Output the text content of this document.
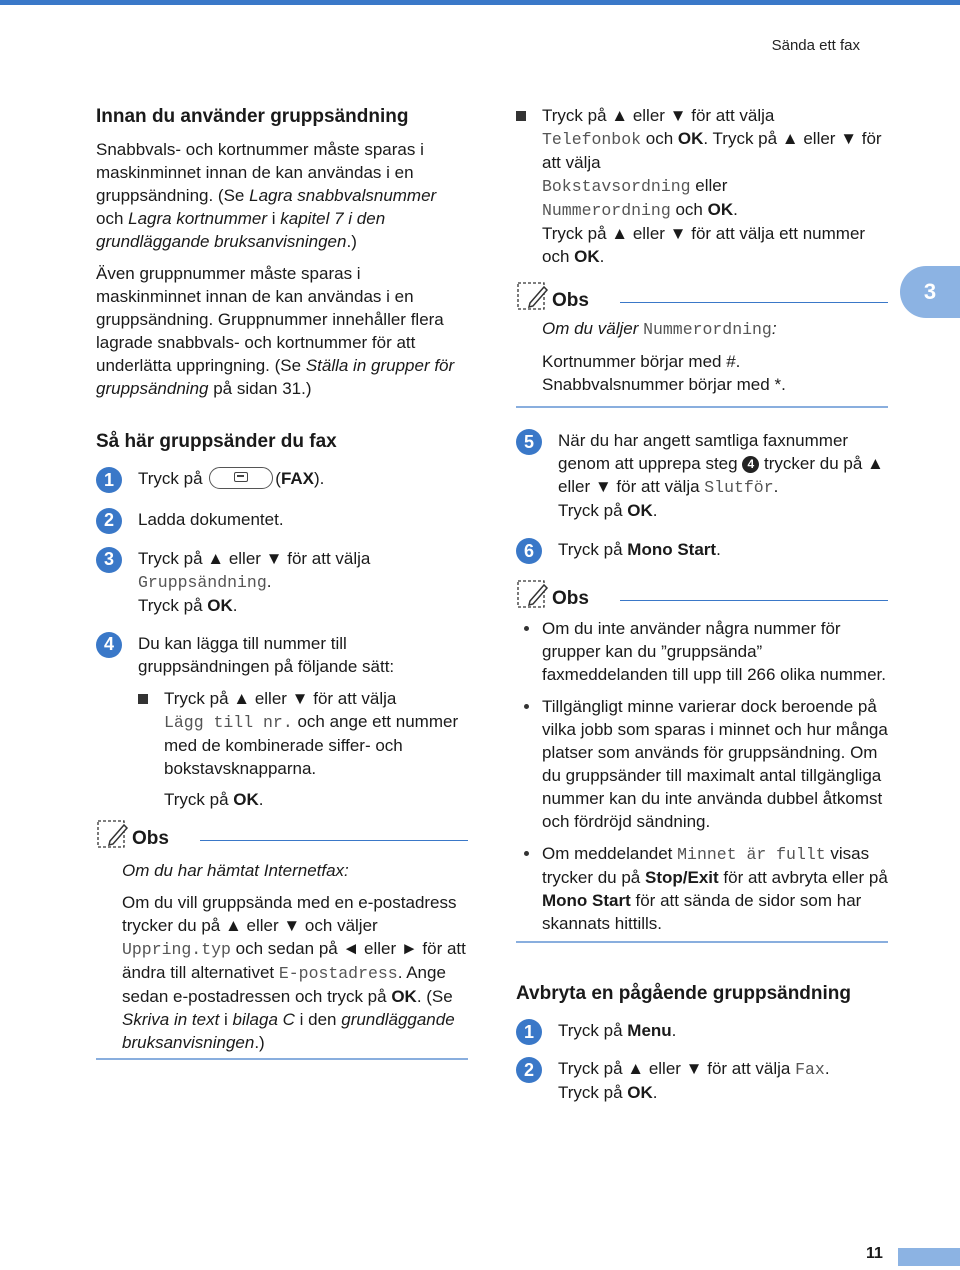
Sända ett fax
3
Innan du använder gruppsändning

Snabbvals- och kortnummer måste sparas i maskinminnet innan de kan användas i en gruppsändning. (Se Lagra snabbvalsnummer och Lagra kortnummer i kapitel 7 i den grundläggande bruksanvisningen.)

Även gruppnummer måste sparas i maskinminnet innan de kan användas i en gruppsändning. Gruppnummer innehåller flera lagrade snabbvals- och kortnummer för att underlätta uppringning. (Se Ställa in grupper för gruppsändning på sidan 31.)

Så här gruppsänder du fax
1	Tryck på	(FAX).
2	Ladda dokumentet.
3	Tryck på ▲ eller ▼ för att välja
Gruppsändning.
Tryck på OK.
4	Du kan lägga till nummer till gruppsändningen på följande sätt:
Tryck på ▲ eller ▼ för att välja
Lägg till nr. och ange ett nummer med de kombinerade siffer- och bokstavsknapparna.
Tryck på OK.
Obs

Om du har hämtat Internetfax:

Om du vill gruppsända med en e-postadress trycker du på ▲ eller ▼ och väljer Uppring.typ och sedan på ◄ eller ► för att ändra till alternativet E-postadress. Ange sedan e-postadressen och tryck på OK. (Se Skriva in text i bilaga C i den grundläggande bruksanvisningen.)

Tryck på ▲ eller ▼ för att välja
Telefonbok och OK. Tryck på ▲ eller ▼ för att välja
Bokstavsordning eller
Nummerordning och OK.
Tryck på ▲ eller ▼ för att välja ett nummer och OK.
Obs

Om du väljer Nummerordning:

Kortnummer börjar med #.

Snabbvalsnummer börjar med *.

5	När du har angett samtliga faxnummer genom att upprepa steg 4 trycker du på ▲ eller ▼ för att välja Slutför.
Tryck på OK.
6	Tryck på Mono Start.
Obs
Om du inte använder några nummer för grupper kan du ”gruppsända” faxmeddelanden till upp till 266 olika nummer.
Tillgängligt minne varierar dock beroende på vilka jobb som sparas i minnet och hur många platser som används för gruppsändning. Om du gruppsänder till maximalt antal tillgängliga nummer kan du inte använda dubbel åtkomst och fördröjd sändning.
Om meddelandet Minnet är fullt visas trycker du på Stop/Exit för att avbryta eller på Mono Start för att sända de sidor som har skannats hittills.
Avbryta en pågående gruppsändning
1	Tryck på Menu.
2	Tryck på ▲ eller ▼ för att välja Fax.
Tryck på OK.
11
